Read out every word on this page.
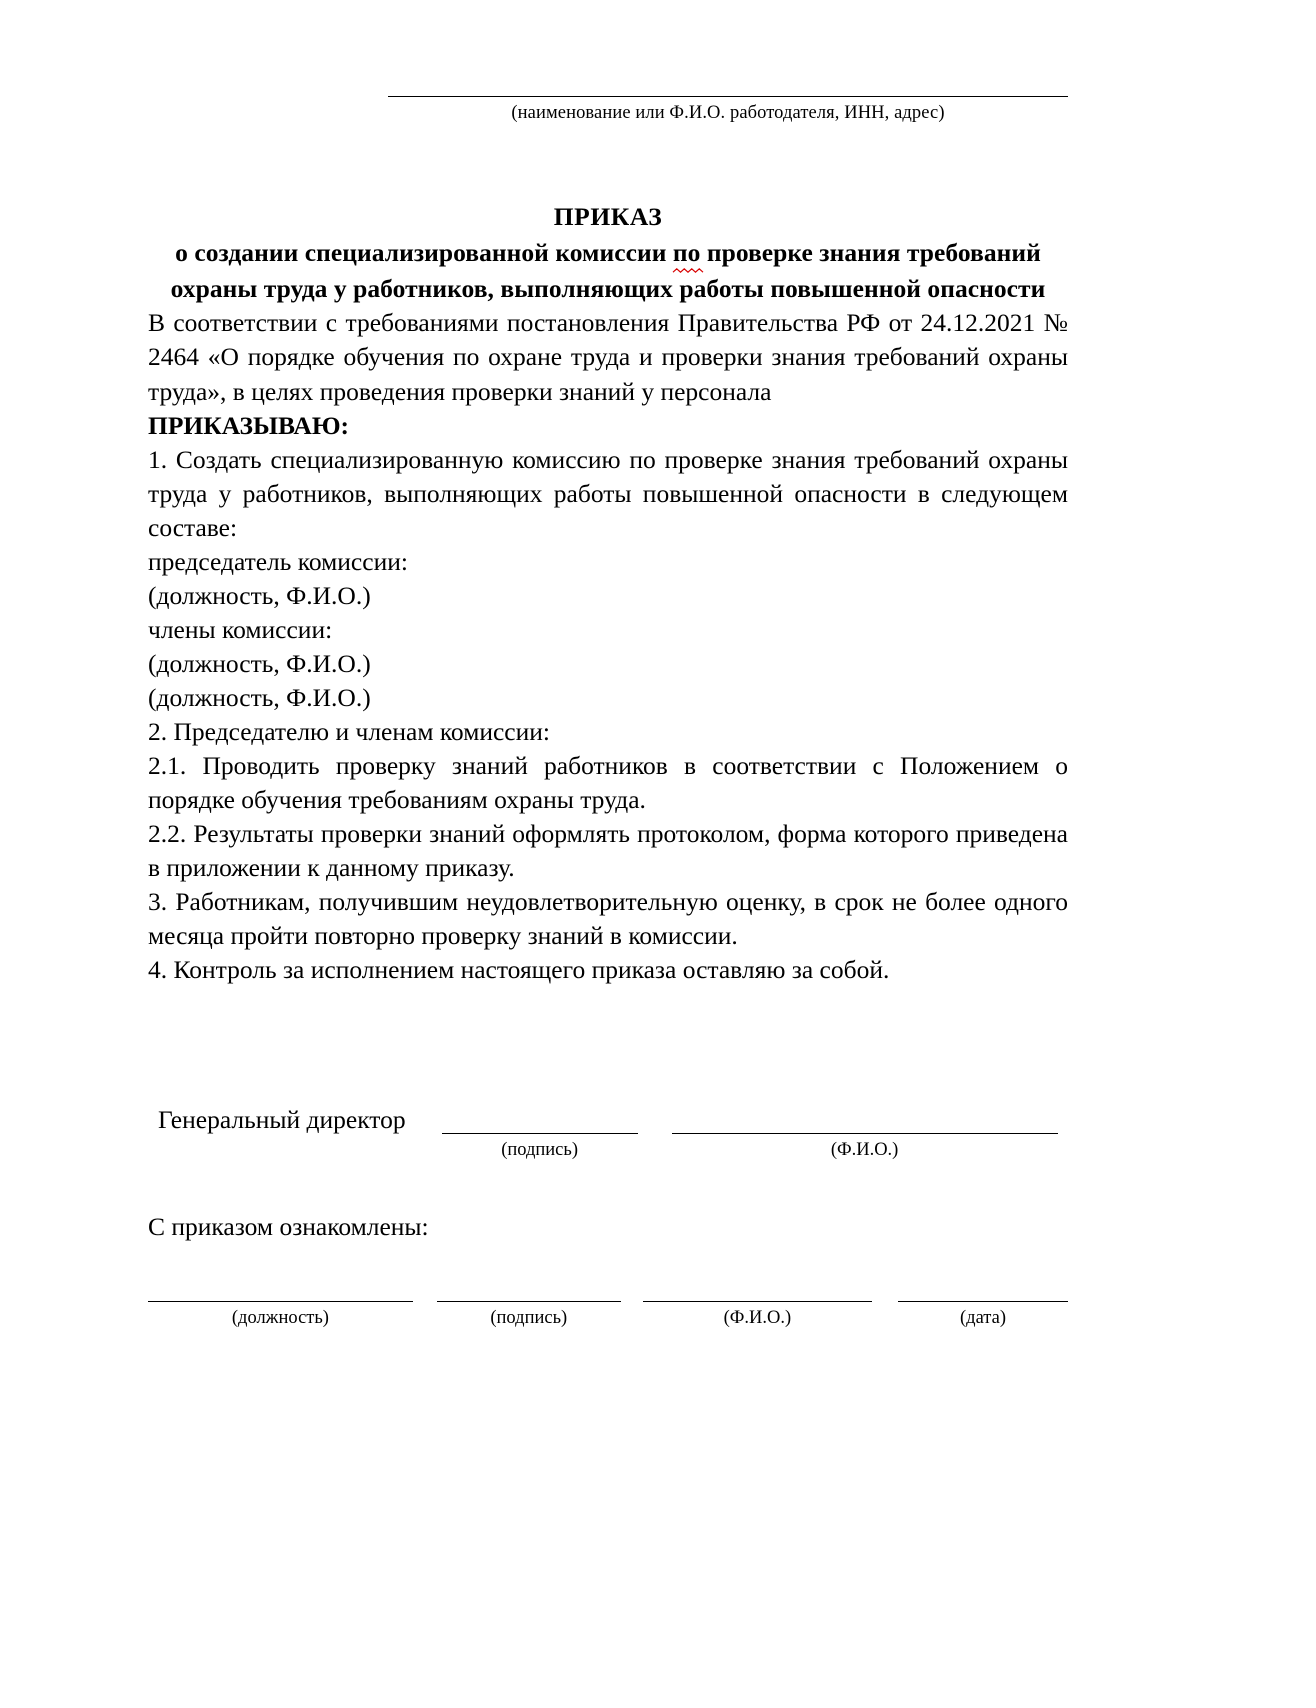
(наименование или Ф.И.О. работодателя, ИНН, адрес)
ПРИКАЗ
о создании специализированной комиссии по
проверке знания требований
охраны труда у работников, выполняющих работы повышенной опасности

В соответствии с требованиями постановления Правительства РФ от 24.12.2021 № 2464 «О порядке обучения по охране труда и проверки знания требований охраны труда», в целях проведения проверки знаний у персонала

ПРИКАЗЫВАЮ:

1. Создать специализированную комиссию по проверке знания требований охраны труда у работников, выполняющих работы повышенной опасности в следующем составе:

председатель комиссии:

(должность, Ф.И.О.)

члены комиссии:

(должность, Ф.И.О.)

(должность, Ф.И.О.)

2. Председателю и членам комиссии:

2.1. Проводить проверку знаний работников в соответствии с Положением о порядке обучения требованиям охраны труда.

2.2. Результаты проверки знаний оформлять протоколом, форма которого приведена в приложении к данному приказу.

3. Работникам, получившим неудовлетворительную оценку, в срок не более одного месяца пройти повторно проверку знаний в комиссии.

4. Контроль за исполнением настоящего приказа оставляю за собой.

Генеральный директор
(подпись)	(Ф.И.О.)
С приказом ознакомлены:
(должность)	(подпись)	(Ф.И.О.)	(дата)
